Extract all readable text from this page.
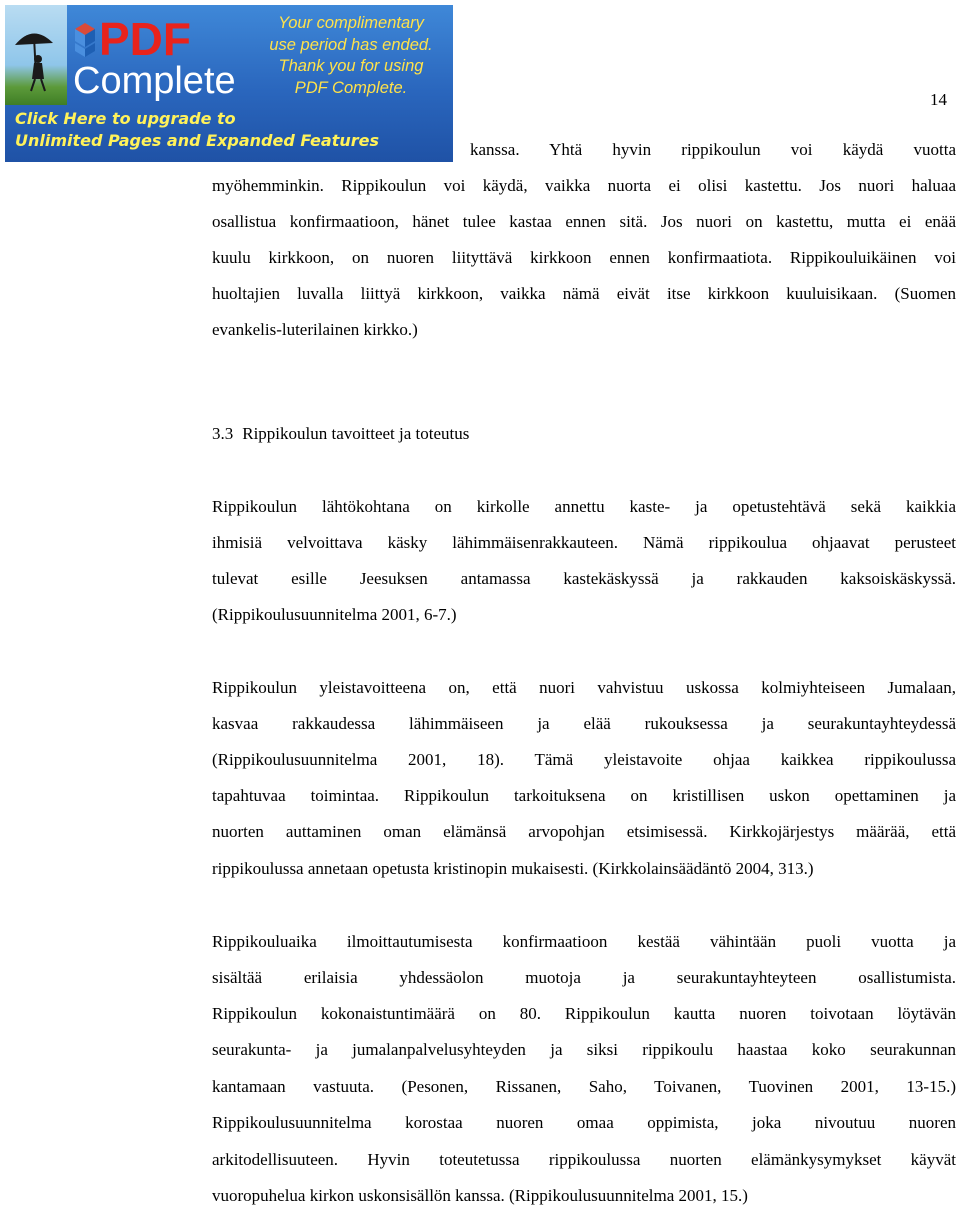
PDF
Complete
Your complimentary
use period has ended.
Thank you for using
PDF Complete.
Click Here to upgrade to
Unlimited Pages and Expanded Features
14
kanssa. Yhtä hyvin rippikoulun voi käydä vuotta

myöhemminkin. Rippikoulun voi käydä, vaikka nuorta ei olisi kastettu. Jos nuori haluaa

osallistua konfirmaatioon, hänet tulee kastaa ennen sitä. Jos nuori on kastettu, mutta ei enää

kuulu kirkkoon, on nuoren liityttävä kirkkoon ennen konfirmaatiota. Rippikouluikäinen voi

huoltajien luvalla liittyä kirkkoon, vaikka nämä eivät itse kirkkoon kuuluisikaan. (Suomen

evankelis-luterilainen kirkko.)

3.3 Rippikoulun tavoitteet ja toteutus

Rippikoulun lähtökohtana on kirkolle annettu kaste- ja opetustehtävä sekä kaikkia

ihmisiä velvoittava käsky lähimmäisenrakkauteen. Nämä rippikoulua ohjaavat perusteet

tulevat esille Jeesuksen antamassa kastekäskyssä ja rakkauden kaksoiskäskyssä.

(Rippikoulusuunnitelma 2001, 6-7.)

Rippikoulun yleistavoitteena on, että nuori vahvistuu uskossa kolmiyhteiseen Jumalaan,

kasvaa rakkaudessa lähimmäiseen ja elää rukouksessa ja seurakuntayhteydessä

(Rippikoulusuunnitelma 2001, 18). Tämä yleistavoite ohjaa kaikkea rippikoulussa

tapahtuvaa toimintaa. Rippikoulun tarkoituksena on kristillisen uskon opettaminen ja

nuorten auttaminen oman elämänsä arvopohjan etsimisessä. Kirkkojärjestys määrää, että

rippikoulussa annetaan opetusta kristinopin mukaisesti. (Kirkkolainsäädäntö 2004, 313.)

Rippikouluaika ilmoittautumisesta konfirmaatioon kestää vähintään puoli vuotta ja

sisältää erilaisia yhdessäolon muotoja ja seurakuntayhteyteen osallistumista.

Rippikoulun kokonaistuntimäärä on 80. Rippikoulun kautta nuoren toivotaan löytävän

seurakunta- ja jumalanpalvelusyhteyden ja siksi rippikoulu haastaa koko seurakunnan

kantamaan vastuuta. (Pesonen, Rissanen, Saho, Toivanen, Tuovinen 2001, 13-15.)

Rippikoulusuunnitelma korostaa nuoren omaa oppimista, joka nivoutuu nuoren

arkitodellisuuteen. Hyvin toteutetussa rippikoulussa nuorten elämänkysymykset käyvät

vuoropuhelua kirkon uskonsisällön kanssa. (Rippikoulusuunnitelma 2001, 15.)
